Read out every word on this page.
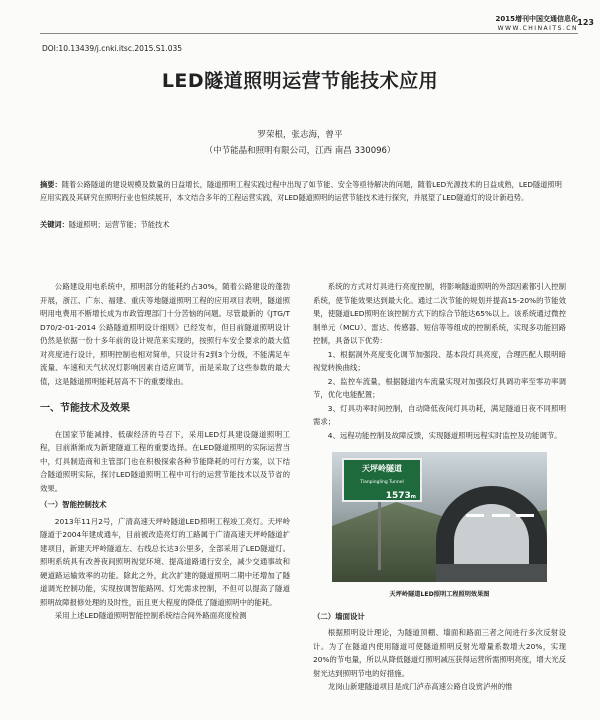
2015增刊中国交通信息化
WWW.CHINAITS.CN
123
DOI:10.13439/j.cnki.itsc.2015.S1.035
LED隧道照明运营节能技术应用
罗荣根，张志海，曾平
（中节能晶和照明有限公司，江西 南昌 330096）
摘要：随着公路隧道的建设规模及数量的日益增长，隧道照明工程实践过程中出现了如节能、安全等亟待解决的问题，随着LED光源技术的日益成熟，LED隧道照明应用实践及其研究在照明行业也恒续展开，本文结合多年的工程运营实践，对LED隧道照明的运营节能技术进行探究，并展望了LED隧道灯的设计新趋势。
关键词：隧道照明；运营节能；节能技术

公路建设用电系统中，照明部分的能耗约占30%，随着公路建设的蓬勃开展，浙江、广东、福建、重庆等地隧道照明工程的应用项目表明，隧道照明用电费用不断增长成为市政管理部门十分苦恼的问题。尽管最新的《JTG/T D70/2-01-2014 公路隧道照明设计细则》已经发布，但目前隧道照明设计仍然是依据一份十多年前的设计规范来实现的，按照行车安全要求的最大值对亮度进行设计，照明控制也相对简单，只设计有2到3个分级，不能满足车流量、车速和天气状况灯影响因素自适应调节，而是采取了这些参数的最大值，这是隧道照明能耗居高不下的重要缘由。

一、节能技术及效果

在国家节能减排、低碳经济的号召下，采用LED灯具建设隧道照明工程，目前渐渐成为新建隧道工程的重要选择。在LED隧道照明的实际运营当中，灯具制造商和主管部门也在积极探索各种节能降耗的可行方案，以下结合隧道照明实际，探讨LED隧道照明工程中可行的运营节能技术以及节省的效果。

（一）智能控制技术

2013年11月2号，广清高速天坪岭隧道LED照明工程竣工亮灯。天坪岭隧道于2004年建成通车，目前被改造亮灯的工路属于广清高速天坪岭隧道扩建项目，新建天坪岭隧道左、右线总长达3公里多，全部采用了LED隧道灯。照明系统具有改善夜间照明视觉环境、提高道路通行安全，减少交通事故和硬道路运输效率的功能。除此之外，此次扩建的隧道照明二期中还增加了隧道调光控制功能，实现按调智能路网、灯光需求控制，不但可以提高了隧道照明故障报修处理的及时性，而且更大程度的降低了隧道照明中的能耗。

采用上述LED隧道照明智能控制系统结合间外路面亮度检测

系统的方式对灯具进行亮度控制，将影响隧道照明的外部因素都引入控制系统，使节能效果达到最大化。通过二次节能的规划并提高15-20%的节能效果，使隧道LED照明在该控制方式下的综合节能达65%以上。该系统通过微控制单元（MCU）、雷达、传感器、短信等等组成的控制系统，实现多功能回路控制，具备以下优势：

1、根据洞外亮度变化调节加强段、基本段灯具亮度，合理匹配人眼明暗视觉转换曲线；

2、监控车流量，根据隧道内车流量实现对加强段灯具调功率至零功率调节，优化电能配置；

3、灯具功率时间控制，自动降低夜间灯具功耗，满足隧道日夜不同照明需求；

4、远程功能控制及故障反馈，实现隧道照明远程实时监控及功能调节。

天坪岭隧道
Tianpingling Tunnel
1573m
天坪岭隧道LED照明工程照明效果图
（二）墙面设计

根据照明设计理论，为隧道顶棚、墙面和路面三者之间进行多次反射设计。为了在隧道内使用隧道可使隧道照明反射光增量系数增大20%，实现20%的节电量，所以从降低隧道灯照明减压获得运营所需照明亮度，增大光反射光达到照明节电的好措施。

龙岗山新建隧道项目是成门泸赤高速公路自设赏泸州的惟
